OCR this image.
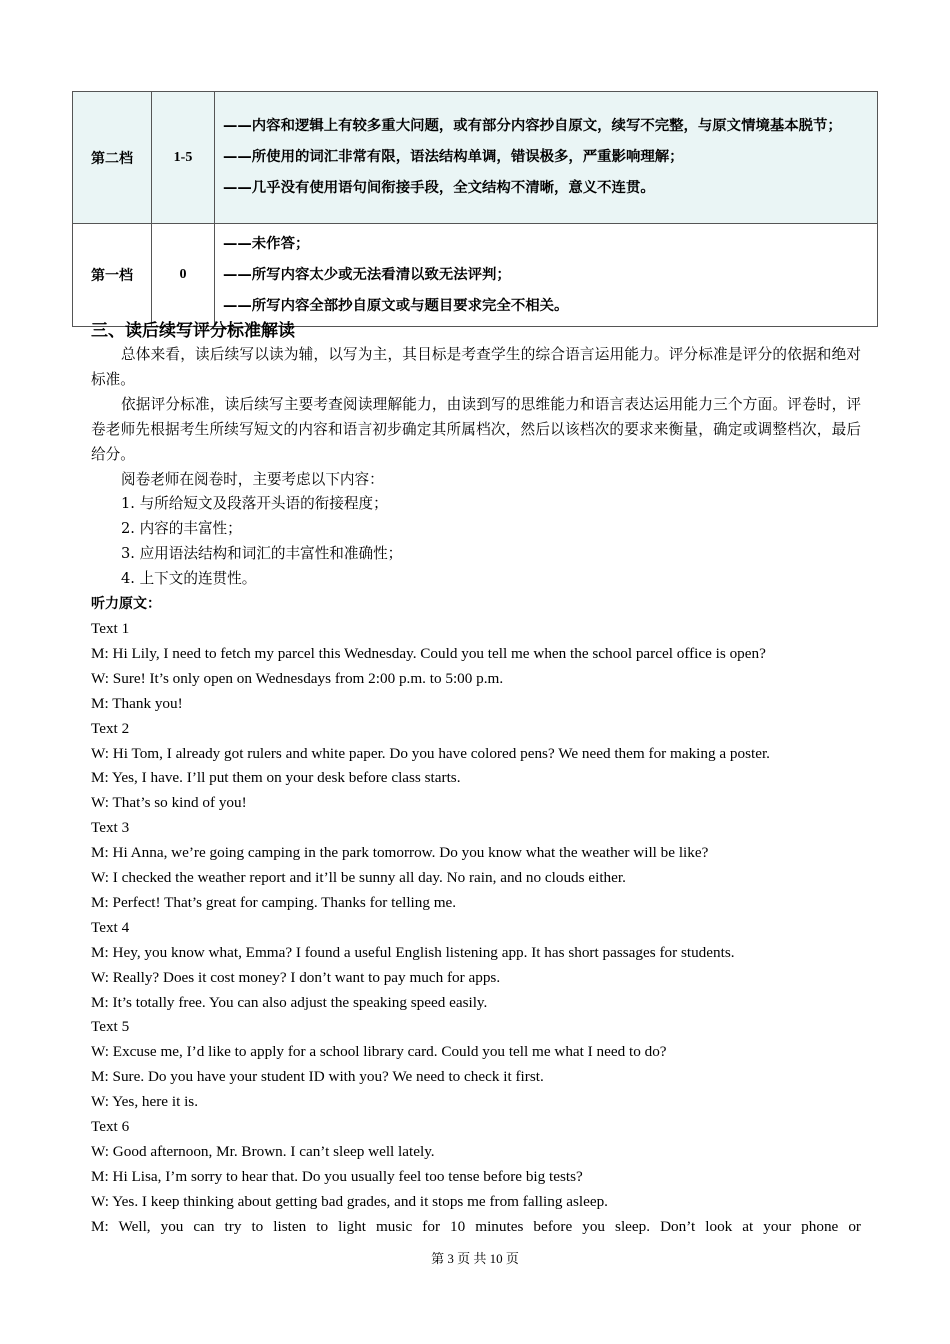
第二档	1-5	——内容和逻辑上有较多重大问题，或有部分内容抄自原文，续写不完整，与原文情境基本脱节；
——所使用的词汇非常有限，语法结构单调，错误极多，严重影响理解；
——几乎没有使用语句间衔接手段，全文结构不清晰，意义不连贯。

第一档	0	——未作答；
——所写内容太少或无法看清以致无法评判；
——所写内容全部抄自原文或与题目要求完全不相关。
三、读后续写评分标准解读

总体来看，读后续写以读为辅，以写为主，其目标是考查学生的综合语言运用能力。评分标准是评分的依据和绝对标准。

依据评分标准，读后续写主要考查阅读理解能力，由读到写的思维能力和语言表达运用能力三个方面。评卷时，评卷老师先根据考生所续写短文的内容和语言初步确定其所属档次，然后以该档次的要求来衡量，确定或调整档次，最后给分。

阅卷老师在阅卷时，主要考虑以下内容：

1. 与所给短文及段落开头语的衔接程度；

2. 内容的丰富性；

3. 应用语法结构和词汇的丰富性和准确性；

4. 上下文的连贯性。

听力原文：

Text 1

M: Hi Lily, I need to fetch my parcel this Wednesday. Could you tell me when the school parcel office is open?

W: Sure! It’s only open on Wednesdays from 2:00 p.m. to 5:00 p.m.

M: Thank you!

Text 2

W: Hi Tom, I already got rulers and white paper. Do you have colored pens? We need them for making a poster.

M: Yes, I have. I’ll put them on your desk before class starts.

W: That’s so kind of you!

Text 3

M: Hi Anna, we’re going camping in the park tomorrow. Do you know what the weather will be like?

W: I checked the weather report and it’ll be sunny all day. No rain, and no clouds either.

M: Perfect! That’s great for camping. Thanks for telling me.

Text 4

M: Hey, you know what, Emma? I found a useful English listening app. It has short passages for students.

W: Really? Does it cost money? I don’t want to pay much for apps.

M: It’s totally free. You can also adjust the speaking speed easily.

Text 5

W: Excuse me, I’d like to apply for a school library card. Could you tell me what I need to do?

M: Sure. Do you have your student ID with you? We need to check it first.

W: Yes, here it is.

Text 6

W: Good afternoon, Mr. Brown. I can’t sleep well lately.

M: Hi Lisa, I’m sorry to hear that. Do you usually feel too tense before big tests?

W: Yes. I keep thinking about getting bad grades, and it stops me from falling asleep.

M: Well, you can try to listen to light music for 10 minutes before you sleep. Don’t look at your phone or

第 3 页 共 10 页
